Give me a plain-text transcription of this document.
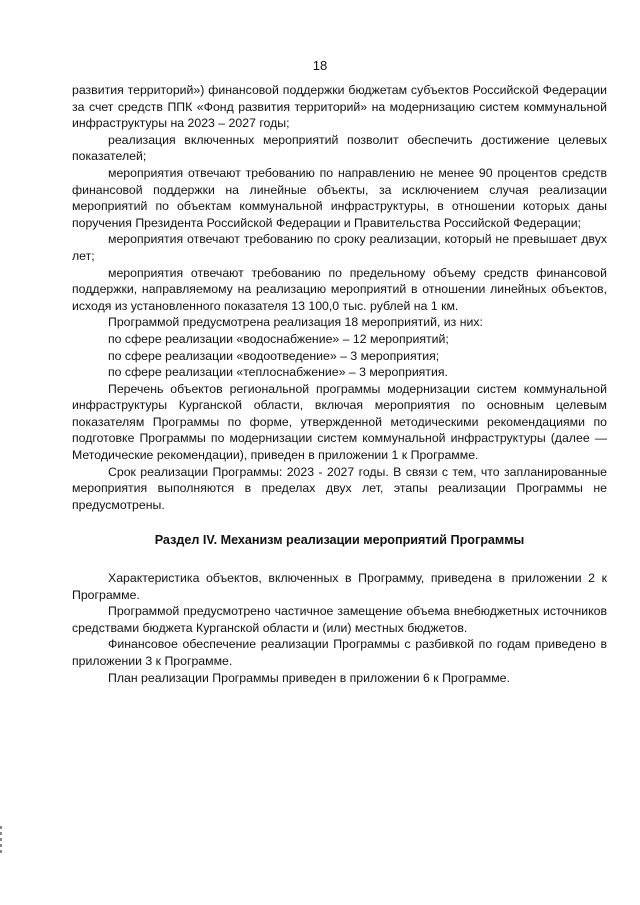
18

развития территорий») финансовой поддержки бюджетам субъектов Российской Федерации за счет средств ППК «Фонд развития территорий» на модернизацию систем коммунальной инфраструктуры на 2023 – 2027 годы;

реализация включенных мероприятий позволит обеспечить достижение целевых показателей;

мероприятия отвечают требованию по направлению не менее 90 процентов средств финансовой поддержки на линейные объекты, за исключением случая реализации мероприятий по объектам коммунальной инфраструктуры, в отношении которых даны поручения Президента Российской Федерации и Правительства Российской Федерации;

мероприятия отвечают требованию по сроку реализации, который не превышает двух лет;

мероприятия отвечают требованию по предельному объему средств финансовой поддержки, направляемому на реализацию мероприятий в отношении линейных объектов, исходя из установленного показателя 13 100,0 тыс. рублей на 1 км.

Программой предусмотрена реализация 18 мероприятий, из них:

по сфере реализации «водоснабжение» – 12 мероприятий;

по сфере реализации «водоотведение» – 3 мероприятия;

по сфере реализации «теплоснабжение» – 3 мероприятия.

Перечень объектов региональной программы модернизации систем коммунальной инфраструктуры Курганской области, включая мероприятия по основным целевым показателям Программы по форме, утвержденной методическими рекомендациями по подготовке Программы по модернизации систем коммунальной инфраструктуры (далее — Методические рекомендации), приведен в приложении 1 к Программе.

Срок реализации Программы: 2023 - 2027 годы. В связи с тем, что запланированные мероприятия выполняются в пределах двух лет, этапы реализации Программы не предусмотрены.

Раздел IV. Механизм реализации мероприятий Программы

Характеристика объектов, включенных в Программу, приведена в приложении 2 к Программе.

Программой предусмотрено частичное замещение объема внебюджетных источников средствами бюджета Курганской области и (или) местных бюджетов.

Финансовое обеспечение реализации Программы с разбивкой по годам приведено в приложении 3 к Программе.

План реализации Программы приведен в приложении 6 к Программе.
